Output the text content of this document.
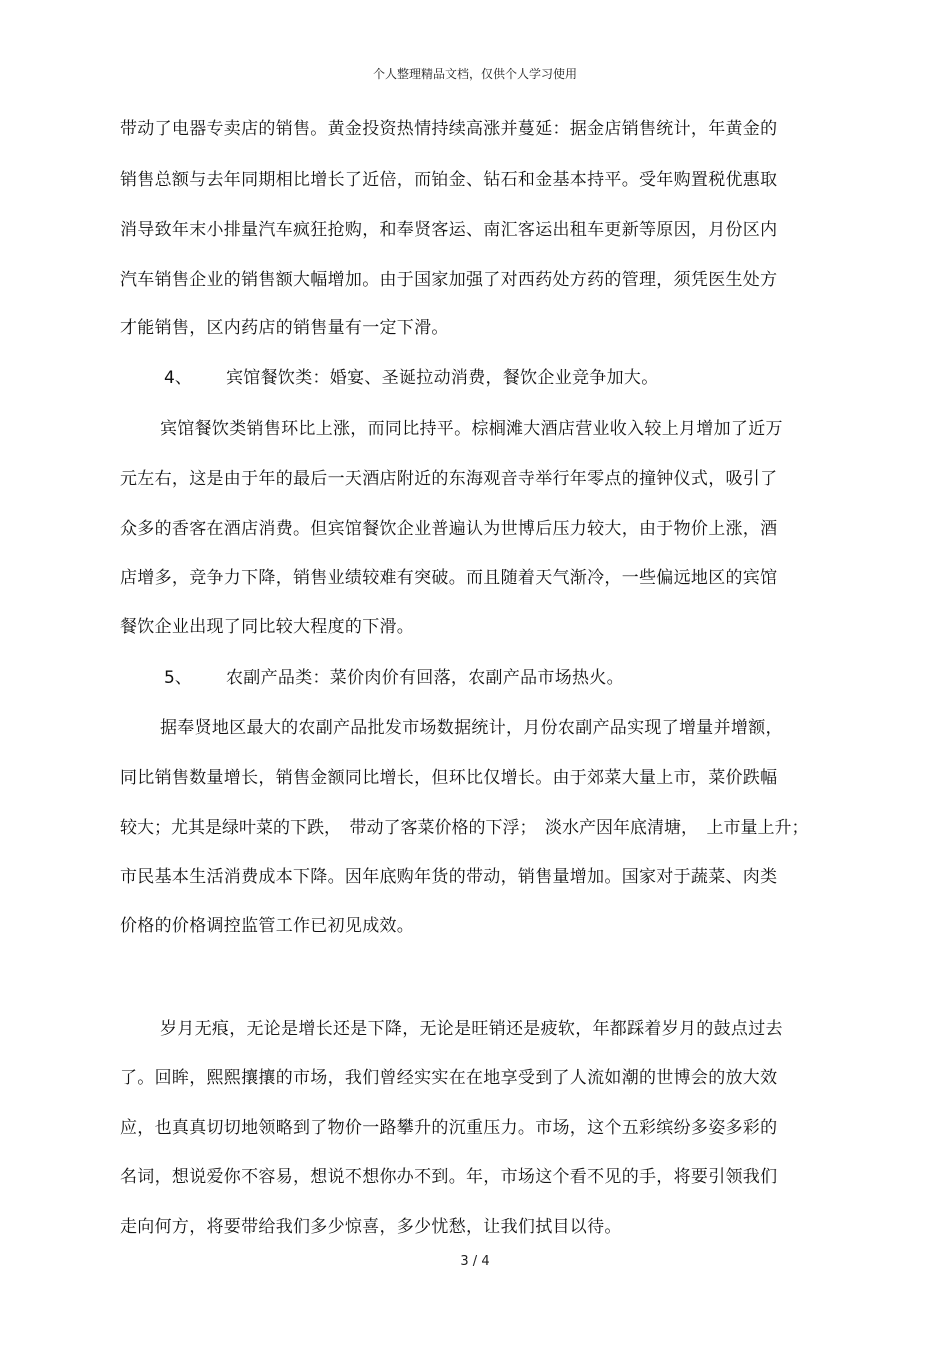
个人整理精品文档，仅供个人学习使用
带动了电器专卖店的销售。黄金投资热情持续高涨并蔓延：据金店销售统计，年黄金的
销售总额与去年同期相比增长了近倍，而铂金、钻石和金基本持平。受年购置税优惠取
消导致年末小排量汽车疯狂抢购，和奉贤客运、南汇客运出租车更新等原因，月份区内
汽车销售企业的销售额大幅增加。由于国家加强了对西药处方药的管理，须凭医生处方
才能销售，区内药店的销售量有一定下滑。
4、 宾馆餐饮类：婚宴、圣诞拉动消费，餐饮企业竞争加大。
宾馆餐饮类销售环比上涨，而同比持平。棕榈滩大酒店营业收入较上月增加了近万
元左右，这是由于年的最后一天酒店附近的东海观音寺举行年零点的撞钟仪式，吸引了
众多的香客在酒店消费。但宾馆餐饮企业普遍认为世博后压力较大，由于物价上涨，酒
店增多，竞争力下降，销售业绩较难有突破。而且随着天气渐冷，一些偏远地区的宾馆
餐饮企业出现了同比较大程度的下滑。
5、 农副产品类：菜价肉价有回落，农副产品市场热火。
据奉贤地区最大的农副产品批发市场数据统计，月份农副产品实现了增量并增额，
同比销售数量增长，销售金额同比增长，但环比仅增长。由于郊菜大量上市，菜价跌幅
较大；尤其是绿叶菜的下跌，　带动了客菜价格的下浮；　淡水产因年底清塘，　上市量上升；
市民基本生活消费成本下降。因年底购年货的带动，销售量增加。国家对于蔬菜、肉类
价格的价格调控监管工作已初见成效。
岁月无痕，无论是增长还是下降，无论是旺销还是疲软，年都踩着岁月的鼓点过去
了。回眸，熙熙攘攘的市场，我们曾经实实在在地享受到了人流如潮的世博会的放大效
应，也真真切切地领略到了物价一路攀升的沉重压力。市场，这个五彩缤纷多姿多彩的
名词，想说爱你不容易，想说不想你办不到。年，市场这个看不见的手，将要引领我们
走向何方，将要带给我们多少惊喜，多少忧愁，让我们拭目以待。
3 / 4
